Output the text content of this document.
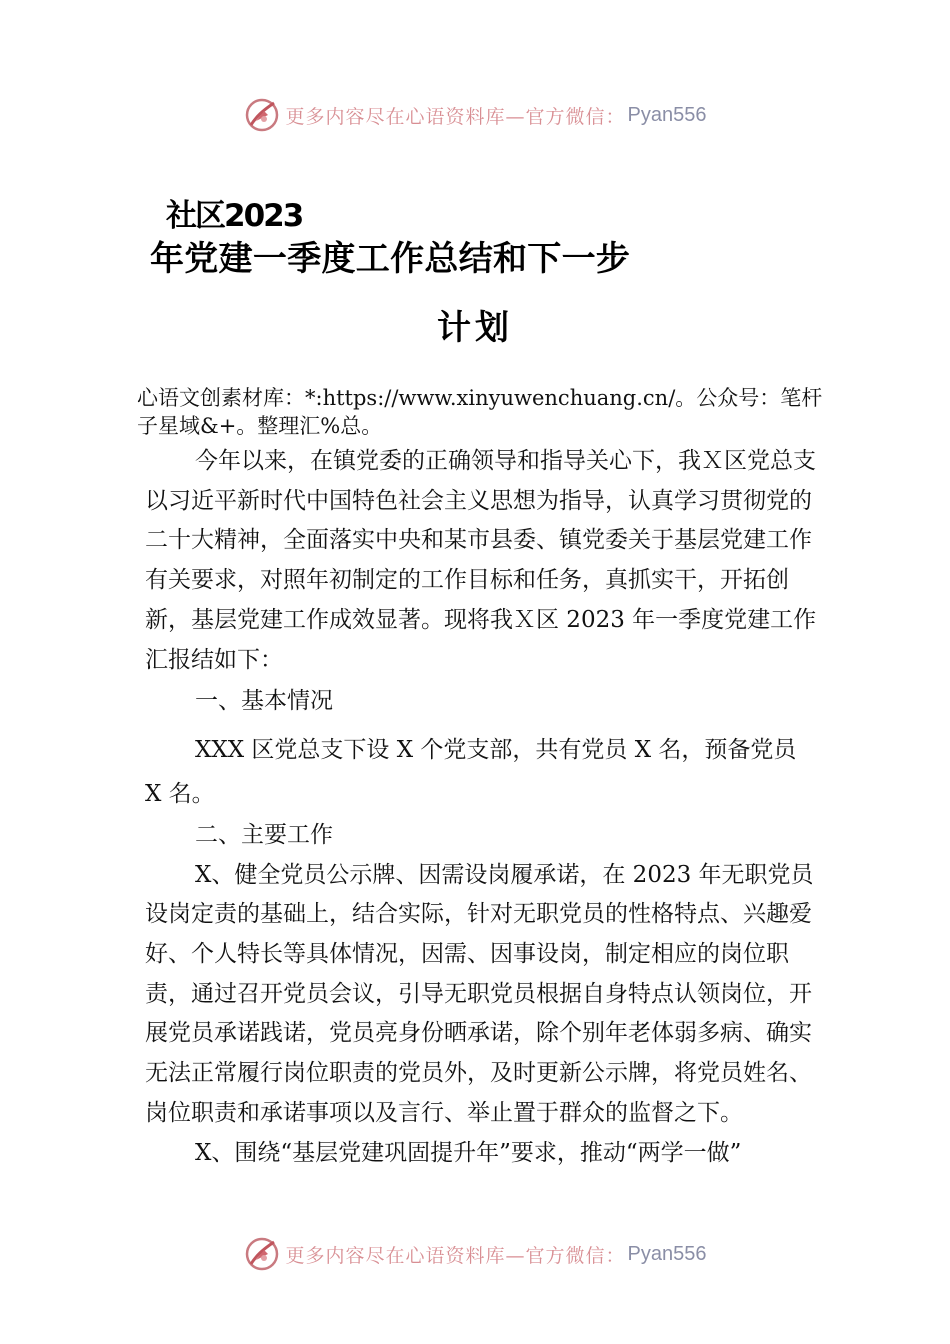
更多内容尽在心语资料库—官方微信： Pyan556
社区2023
年党建一季度工作总结和下一步
计划
心语文创素材库：*:https://www.xinyuwenchuang.cn/。公众号：笔杆子星域&+。整理汇%总。

今年以来，在镇党委的正确领导和指导关心下，我Ｘ区党总支以习近平新时代中国特色社会主义思想为指导，认真学习贯彻党的二十大精神，全面落实中央和某市县委、镇党委关于基层党建工作有关要求，对照年初制定的工作目标和任务，真抓实干，开拓创新，基层党建工作成效显著。现将我Ｘ区 2023 年一季度党建工作汇报结如下：

一、基本情况

XXX 区党总支下设 X 个党支部，共有党员 X 名，预备党员 X 名。

二、主要工作

X、健全党员公示牌、因需设岗履承诺，在 2023 年无职党员设岗定责的基础上，结合实际，针对无职党员的性格特点、兴趣爱好、个人特长等具体情况，因需、因事设岗，制定相应的岗位职责，通过召开党员会议，引导无职党员根据自身特点认领岗位，开展党员承诺践诺，党员亮身份晒承诺，除个别年老体弱多病、确实无法正常履行岗位职责的党员外，及时更新公示牌，将党员姓名、岗位职责和承诺事项以及言行、举止置于群众的监督之下。

X、围绕“基层党建巩固提升年”要求，推动“两学一做”

更多内容尽在心语资料库—官方微信： Pyan556
